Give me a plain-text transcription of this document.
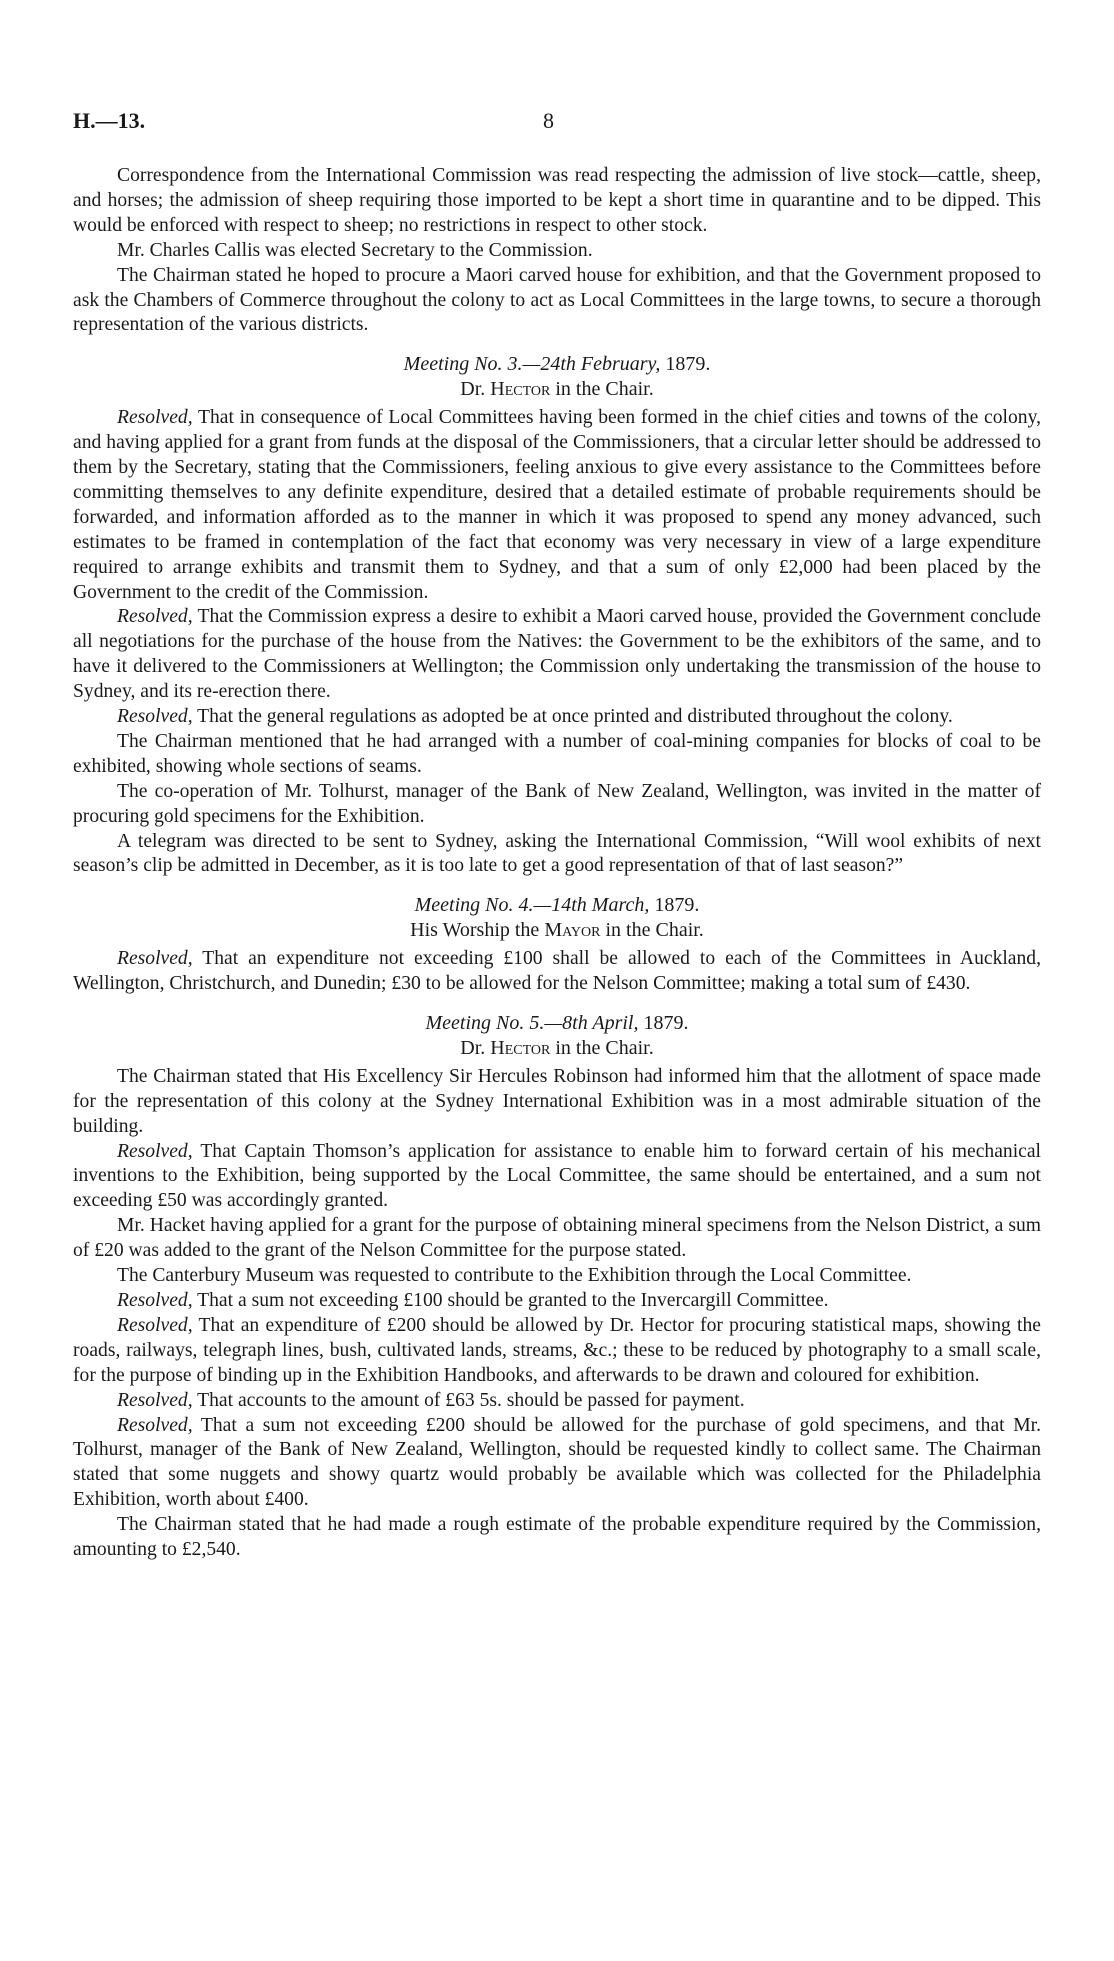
H.—13.	8

Correspondence from the International Commission was read respecting the admission of live stock—cattle, sheep, and horses; the admission of sheep requiring those imported to be kept a short time in quarantine and to be dipped. This would be enforced with respect to sheep; no restrictions in respect to other stock.

Mr. Charles Callis was elected Secretary to the Commission.

The Chairman stated he hoped to procure a Maori carved house for exhibition, and that the Government proposed to ask the Chambers of Commerce throughout the colony to act as Local Committees in the large towns, to secure a thorough representation of the various districts.

Meeting No. 3.—24th February, 1879.

Dr. Hector in the Chair.

Resolved, That in consequence of Local Committees having been formed in the chief cities and towns of the colony, and having applied for a grant from funds at the disposal of the Commissioners, that a circular letter should be addressed to them by the Secretary, stating that the Commissioners, feeling anxious to give every assistance to the Committees before committing themselves to any definite expenditure, desired that a detailed estimate of probable requirements should be forwarded, and information afforded as to the manner in which it was proposed to spend any money advanced, such estimates to be framed in contemplation of the fact that economy was very necessary in view of a large expenditure required to arrange exhibits and transmit them to Sydney, and that a sum of only £2,000 had been placed by the Government to the credit of the Commission.

Resolved, That the Commission express a desire to exhibit a Maori carved house, provided the Government conclude all negotiations for the purchase of the house from the Natives: the Government to be the exhibitors of the same, and to have it delivered to the Commissioners at Wellington; the Commission only undertaking the transmission of the house to Sydney, and its re-erection there.

Resolved, That the general regulations as adopted be at once printed and distributed throughout the colony.

The Chairman mentioned that he had arranged with a number of coal-mining companies for blocks of coal to be exhibited, showing whole sections of seams.

The co-operation of Mr. Tolhurst, manager of the Bank of New Zealand, Wellington, was invited in the matter of procuring gold specimens for the Exhibition.

A telegram was directed to be sent to Sydney, asking the International Commission, “Will wool exhibits of next season’s clip be admitted in December, as it is too late to get a good representation of that of last season?”

Meeting No. 4.—14th March, 1879.

His Worship the Mayor in the Chair.

Resolved, That an expenditure not exceeding £100 shall be allowed to each of the Committees in Auckland, Wellington, Christchurch, and Dunedin; £30 to be allowed for the Nelson Committee; making a total sum of £430.

Meeting No. 5.—8th April, 1879.

Dr. Hector in the Chair.

The Chairman stated that His Excellency Sir Hercules Robinson had informed him that the allotment of space made for the representation of this colony at the Sydney International Exhibition was in a most admirable situation of the building.

Resolved, That Captain Thomson’s application for assistance to enable him to forward certain of his mechanical inventions to the Exhibition, being supported by the Local Committee, the same should be entertained, and a sum not exceeding £50 was accordingly granted.

Mr. Hacket having applied for a grant for the purpose of obtaining mineral specimens from the Nelson District, a sum of £20 was added to the grant of the Nelson Committee for the purpose stated.

The Canterbury Museum was requested to contribute to the Exhibition through the Local Committee.

Resolved, That a sum not exceeding £100 should be granted to the Invercargill Committee.

Resolved, That an expenditure of £200 should be allowed by Dr. Hector for procuring statistical maps, showing the roads, railways, telegraph lines, bush, cultivated lands, streams, &c.; these to be reduced by photography to a small scale, for the purpose of binding up in the Exhibition Handbooks, and afterwards to be drawn and coloured for exhibition.

Resolved, That accounts to the amount of £63 5s. should be passed for payment.

Resolved, That a sum not exceeding £200 should be allowed for the purchase of gold specimens, and that Mr. Tolhurst, manager of the Bank of New Zealand, Wellington, should be requested kindly to collect same. The Chairman stated that some nuggets and showy quartz would probably be available which was collected for the Philadelphia Exhibition, worth about £400.

The Chairman stated that he had made a rough estimate of the probable expenditure required by the Commission, amounting to £2,540.
